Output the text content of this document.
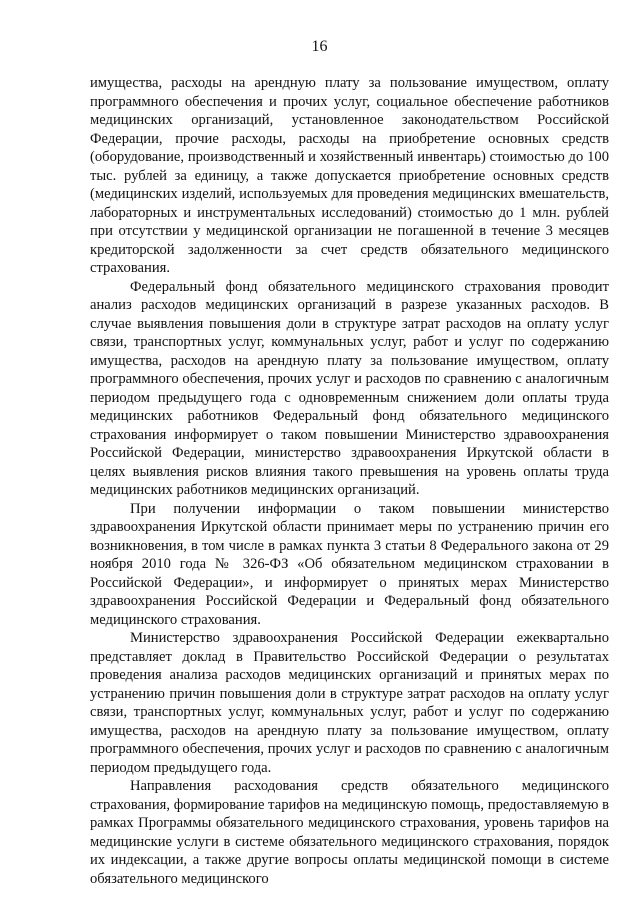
16

имущества, расходы на арендную плату за пользование имуществом, оплату программного обеспечения и прочих услуг, социальное обеспечение работников медицинских организаций, установленное законодательством Российской Федерации, прочие расходы, расходы на приобретение основных средств (оборудование, производственный и хозяйственный инвентарь) стоимостью до 100 тыс. рублей за единицу, а также допускается приобретение основных средств (медицинских изделий, используемых для проведения медицинских вмешательств, лабораторных и инструментальных исследований) стоимостью до 1 млн. рублей при отсутствии у медицинской организации не погашенной в течение 3 месяцев кредиторской задолженности за счет средств обязательного медицинского страхования.

Федеральный фонд обязательного медицинского страхования проводит анализ расходов медицинских организаций в разрезе указанных расходов. В случае выявления повышения доли в структуре затрат расходов на оплату услуг связи, транспортных услуг, коммунальных услуг, работ и услуг по содержанию имущества, расходов на арендную плату за пользование имуществом, оплату программного обеспечения, прочих услуг и расходов по сравнению с аналогичным периодом предыдущего года с одновременным снижением доли оплаты труда медицинских работников Федеральный фонд обязательного медицинского страхования информирует о таком повышении Министерство здравоохранения Российской Федерации, министерство здравоохранения Иркутской области в целях выявления рисков влияния такого превышения на уровень оплаты труда медицинских работников медицинских организаций.

При получении информации о таком повышении министерство здравоохранения Иркутской области принимает меры по устранению причин его возникновения, в том числе в рамках пункта 3 статьи 8 Федерального закона от 29 ноября 2010 года № 326-ФЗ «Об обязательном медицинском страховании в Российской Федерации», и информирует о принятых мерах Министерство здравоохранения Российской Федерации и Федеральный фонд обязательного медицинского страхования.

Министерство здравоохранения Российской Федерации ежеквартально представляет доклад в Правительство Российской Федерации о результатах проведения анализа расходов медицинских организаций и принятых мерах по устранению причин повышения доли в структуре затрат расходов на оплату услуг связи, транспортных услуг, коммунальных услуг, работ и услуг по содержанию имущества, расходов на арендную плату за пользование имуществом, оплату программного обеспечения, прочих услуг и расходов по сравнению с аналогичным периодом предыдущего года.

Направления расходования средств обязательного медицинского страхования, формирование тарифов на медицинскую помощь, предоставляемую в рамках Программы обязательного медицинского страхования, уровень тарифов на медицинские услуги в системе обязательного медицинского страхования, порядок их индексации, а также другие вопросы оплаты медицинской помощи в системе обязательного медицинского
